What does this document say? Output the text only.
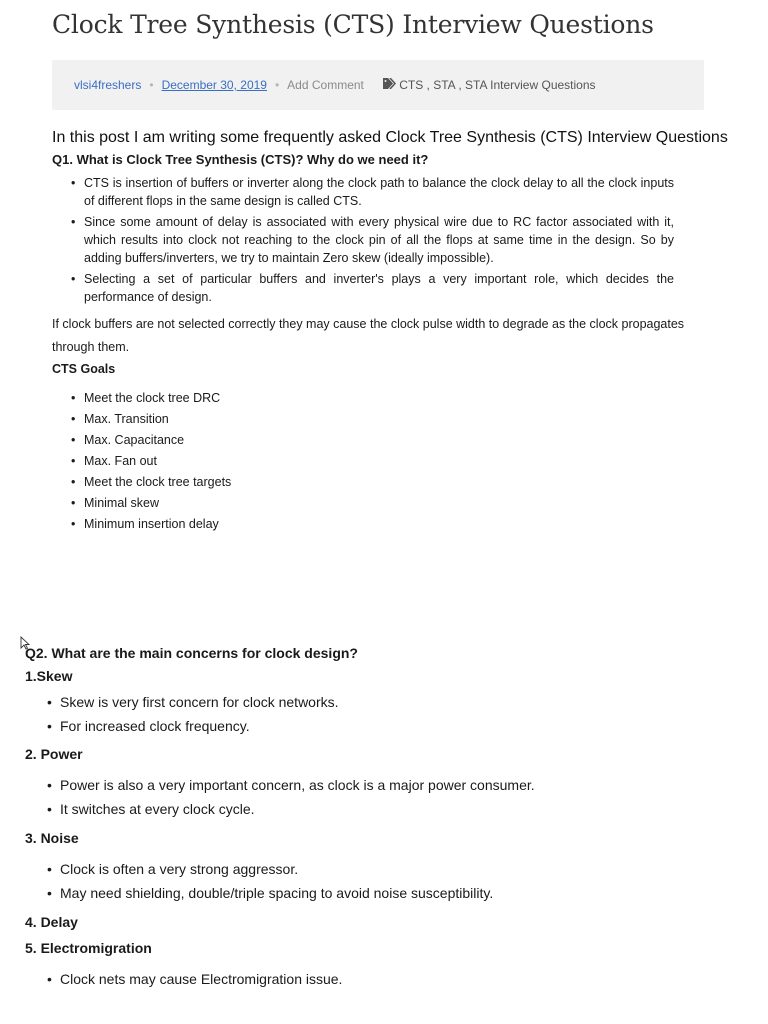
Clock Tree Synthesis (CTS) Interview Questions
vlsi4freshers • December 30, 2019 • Add Comment
	CTS , STA , STA Interview Questions

In this post I am writing some frequently asked Clock Tree Synthesis (CTS) Interview Questions

Q1. What is Clock Tree Synthesis (CTS)? Why do we need it?

• CTS is insertion of buffers or inverter along the clock path to balance the clock delay to all the clock inputs of different flops in the same design is called CTS.
• Since some amount of delay is associated with every physical wire due to RC factor associated with it, which results into clock not reaching to the clock pin of all the flops at same time in the design. So by adding buffers/inverters, we try to maintain Zero skew (ideally impossible).
• Selecting a set of particular buffers and inverter's plays a very important role, which decides the performance of design.

If clock buffers are not selected correctly they may cause the clock pulse width to degrade as the clock propagates through them.

CTS Goals

• Meet the clock tree DRC
• Max. Transition
• Max. Capacitance
• Max. Fan out
• Meet the clock tree targets
• Minimal skew
• Minimum insertion delay

Q2. What are the main concerns for clock design?

1.Skew

• Skew is very first concern for clock networks.
• For increased clock frequency.

2. Power

• Power is also a very important concern, as clock is a major power consumer.
• It switches at every clock cycle.

3. Noise

• Clock is often a very strong aggressor.
• May need shielding, double/triple spacing to avoid noise susceptibility.

4. Delay

5. Electromigration

• Clock nets may cause Electromigration issue.
